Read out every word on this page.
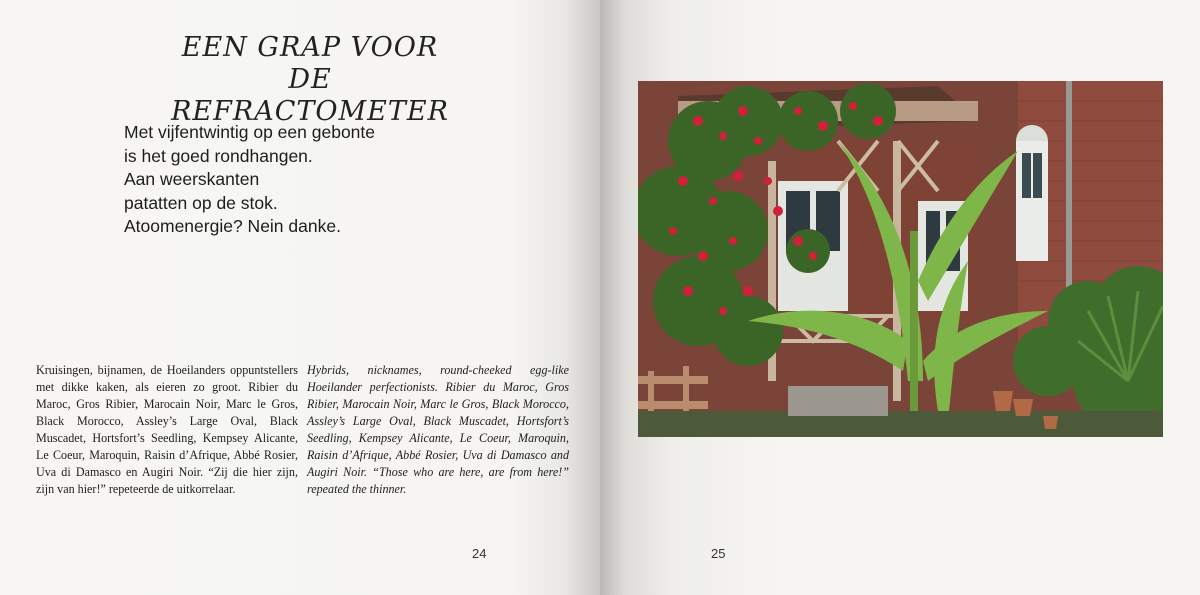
EEN GRAP VOOR
DE REFRACTOMETER
Met vijfentwintig op een gebonte
is het goed rondhangen.
Aan weerskanten
patatten op de stok.
Atoomenergie? Nein danke.
Kruisingen, bijnamen, de Hoeilanders oppuntstellers met dikke kaken, als eieren zo groot. Ribier du Maroc, Gros Ribier, Marocain Noir, Marc le Gros, Black Morocco, Assley’s Large Oval, Black Muscadet, Hortsfort’s Seedling, Kempsey Alicante, Le Coeur, Maroquin, Raisin d’Afrique, Abbé Rosier, Uva di Damasco en Augiri Noir. “Zij die hier zijn, zijn van hier!” repeteerde de uitkorrelaar.
Hybrids, nicknames, round-cheeked egg-like Hoeilander perfectionists. Ribier du Maroc, Gros Ribier, Marocain Noir, Marc le Gros, Black Morocco, Assley’s Large Oval, Black Muscadet, Hortsfort’s Seedling, Kempsey Alicante, Le Coeur, Maroquin, Raisin d’Afrique, Abbé Rosier, Uva di Damasco and Augiri Noir. “Those who are here, are from here!” repeated the thinner.
24	25
